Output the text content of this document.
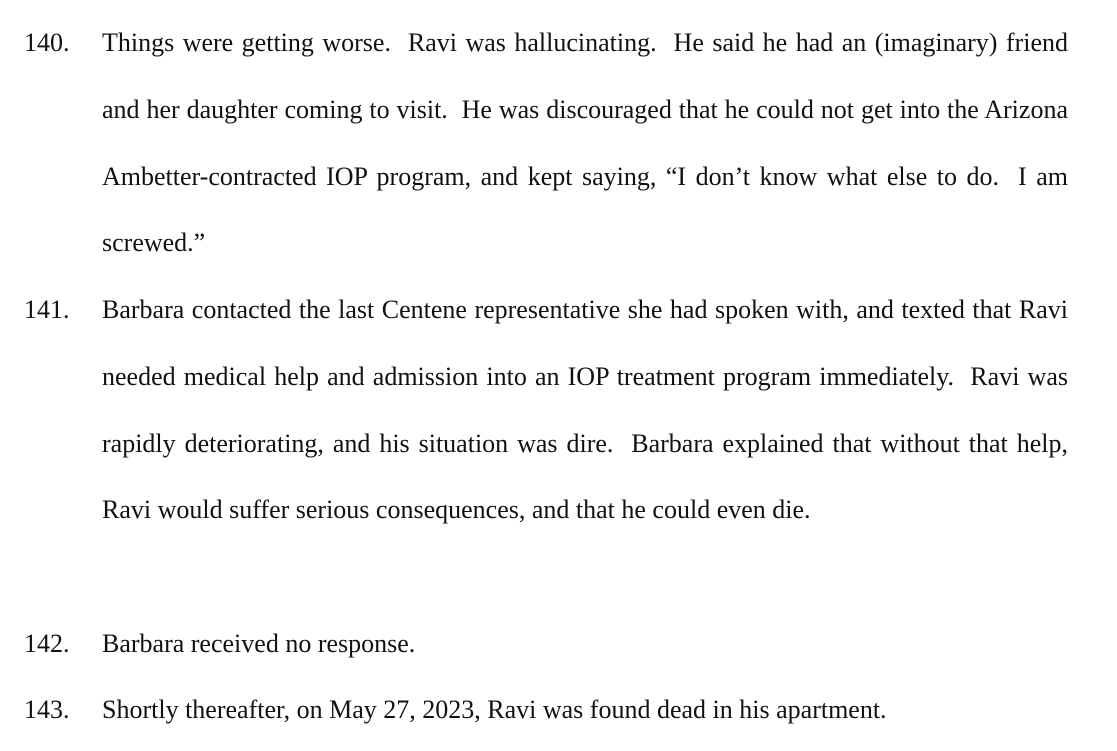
140.	Things were getting worse.  Ravi was hallucinating.  He said he had an (imaginary) friend and her daughter coming to visit.  He was discouraged that he could not get into the Arizona Ambetter-contracted IOP program, and kept saying, “I don’t know what else to do.  I am screwed.”
141.	Barbara contacted the last Centene representative she had spoken with, and texted that Ravi needed medical help and admission into an IOP treatment program immediately.  Ravi was rapidly deteriorating, and his situation was dire.  Barbara explained that without that help, Ravi would suffer serious consequences, and that he could even die.
142.	Barbara received no response.
143.	Shortly thereafter, on May 27, 2023, Ravi was found dead in his apartment.
